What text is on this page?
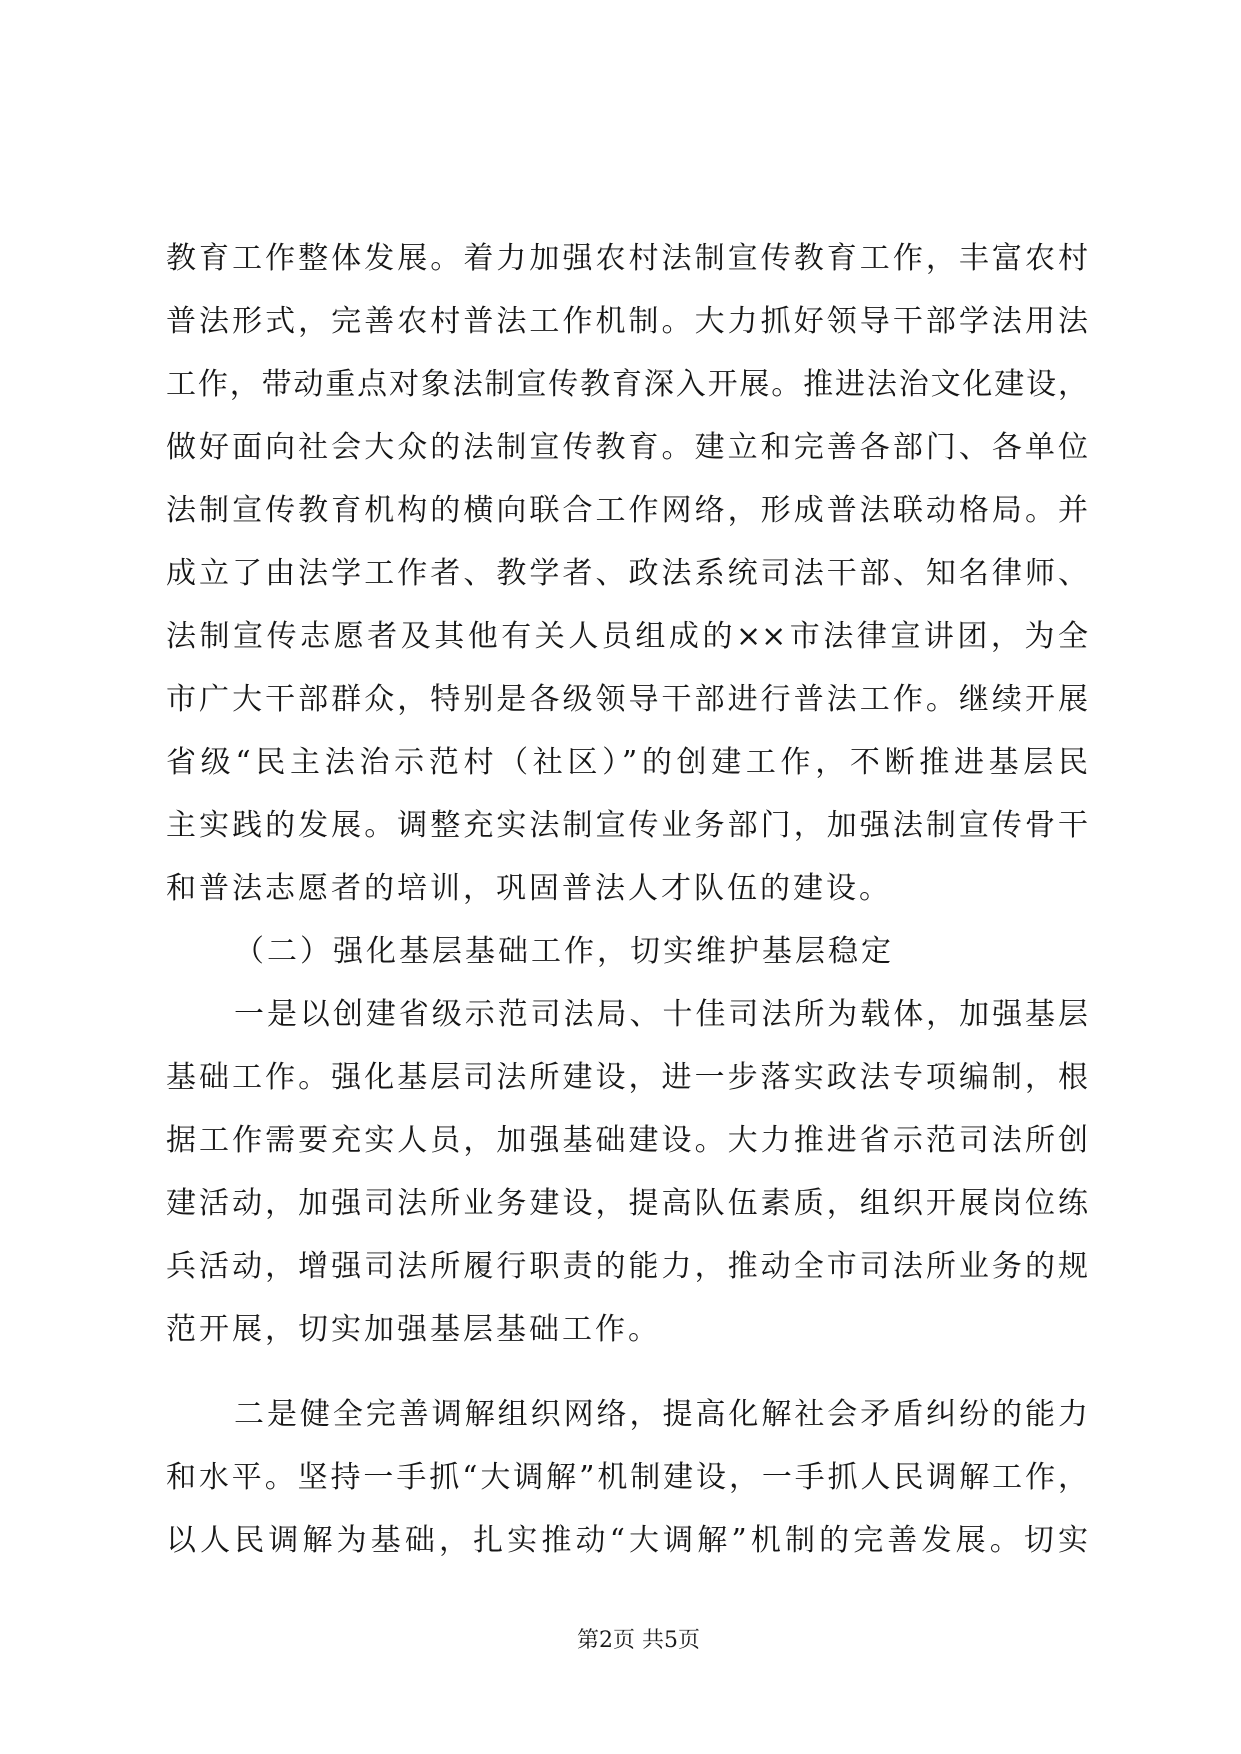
教育工作整体发展。着力加强农村法制宣传教育工作，丰富农村
普法形式，完善农村普法工作机制。大力抓好领导干部学法用法
工作，带动重点对象法制宣传教育深入开展。推进法治文化建设，
做好面向社会大众的法制宣传教育。建立和完善各部门、各单位
法制宣传教育机构的横向联合工作网络，形成普法联动格局。并
成立了由法学工作者、教学者、政法系统司法干部、知名律师、
法制宣传志愿者及其他有关人员组成的××市法律宣讲团，为全
市广大干部群众，特别是各级领导干部进行普法工作。继续开展
省级“民主法治示范村（社区）”的创建工作，不断推进基层民
主实践的发展。调整充实法制宣传业务部门，加强法制宣传骨干
和普法志愿者的培训，巩固普法人才队伍的建设。
（二）强化基层基础工作，切实维护基层稳定
一是以创建省级示范司法局、十佳司法所为载体，加强基层
基础工作。强化基层司法所建设，进一步落实政法专项编制，根
据工作需要充实人员，加强基础建设。大力推进省示范司法所创
建活动，加强司法所业务建设，提高队伍素质，组织开展岗位练
兵活动，增强司法所履行职责的能力，推动全市司法所业务的规
范开展，切实加强基层基础工作。
二是健全完善调解组织网络，提高化解社会矛盾纠纷的能力
和水平。坚持一手抓“大调解”机制建设，一手抓人民调解工作，
以人民调解为基础，扎实推动“大调解”机制的完善发展。切实
第2页 共5页
